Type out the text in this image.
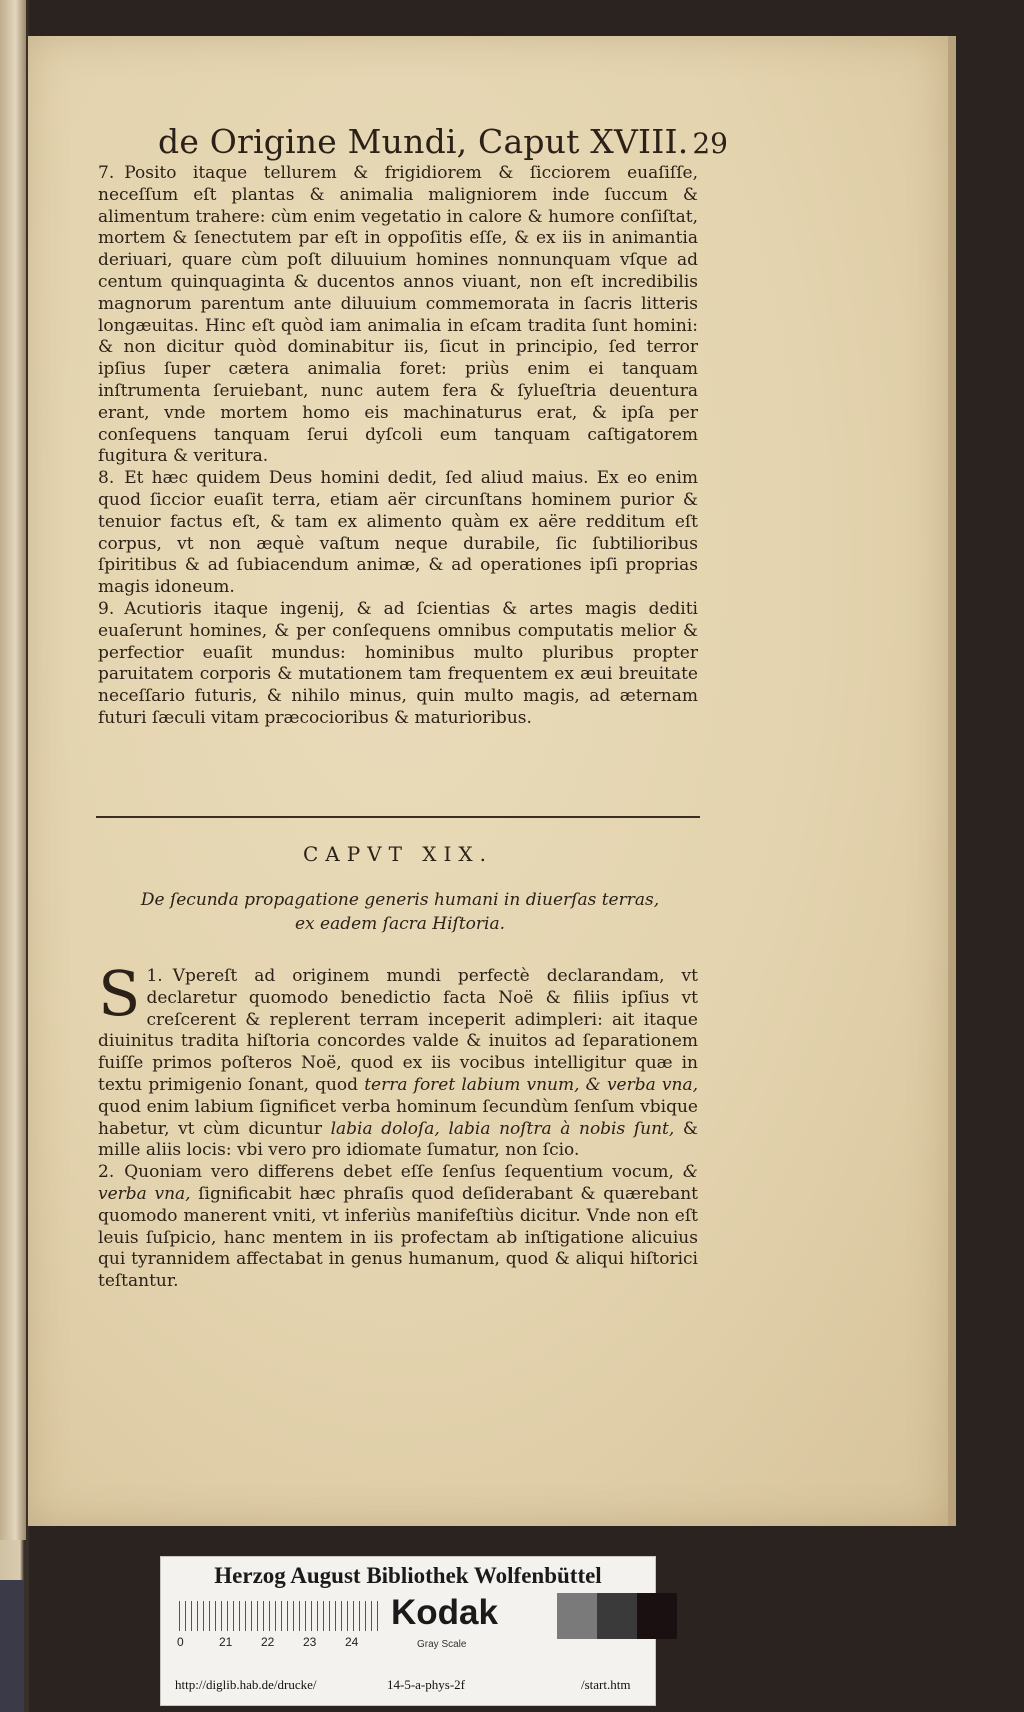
de Origine Mundi, Caput XVIII. 29

7. Posito itaque tellurem & frigidiorem & ſicciorem euaſiſſe, neceſſum eſt plantas & animalia maligniorem inde ſuccum & alimentum trahere: cùm enim vegetatio in calore & humore conſiſtat, mortem & ſenectutem par eſt in oppoſitis eſſe, & ex iis in animantia deriuari, quare cùm poſt diluuium homines nonnunquam vſque ad centum quinquaginta & ducentos annos viuant, non eſt incredibilis magnorum parentum ante diluuium commemorata in ſacris litteris longæuitas. Hinc eſt quòd iam animalia in eſcam tradita ſunt homini: & non dicitur quòd dominabitur iis, ſicut in principio, ſed terror ipſius ſuper cætera animalia foret: priùs enim ei tanquam inſtrumenta ſeruiebant, nunc autem fera & ſylueſtria deuentura erant, vnde mortem homo eis machinaturus erat, & ipſa per conſequens tanquam ſerui dyſcoli eum tanquam caſtigatorem fugitura & veritura.

8. Et hæc quidem Deus homini dedit, ſed aliud maius. Ex eo enim quod ſiccior euaſit terra, etiam aër circunſtans hominem purior & tenuior factus eſt, & tam ex alimento quàm ex aëre redditum eſt corpus, vt non æquè vaſtum neque durabile, ſic ſubtilioribus ſpiritibus & ad ſubiacendum animæ, & ad operationes ipſi proprias magis idoneum.

9. Acutioris itaque ingenij, & ad ſcientias & artes magis dediti euaſerunt homines, & per conſequens omnibus computatis melior & perfectior euaſit mundus: hominibus multo pluribus propter paruitatem corporis & mutationem tam frequentem ex æui breuitate neceſſario futuris, & nihilo minus, quin multo magis, ad æternam futuri ſæculi vitam præcocioribus & maturioribus.

CAPVT XIX.
De ſecunda propagatione generis humani in diuerſas terras, ex eadem ſacra Hiſtoria.

1.
S Vpereſt ad originem mundi perfectè declarandam, vt declaretur quomodo benedictio facta Noë & filiis ipſius vt creſcerent & replerent terram inceperit adimpleri: ait itaque diuinitus tradita hiſtoria concordes valde & inuitos ad ſeparationem fuiſſe primos poſteros Noë, quod ex iis vocibus intelligitur quæ in textu primigenio ſonant, quod terra foret labium vnum, & verba vna, quod enim labium ſignificet verba hominum ſecundùm ſenſum vbique habetur, vt cùm dicuntur labia doloſa, labia noſtra à nobis ſunt, & mille aliis locis: vbi vero pro idiomate ſumatur, non ſcio.

2. Quoniam vero differens debet eſſe ſenſus ſequentium vocum, & verba vna, ſignificabit hæc phraſis quod deſiderabant & quærebant quomodo manerent vniti, vt inferiùs manifeſtiùs dicitur. Vnde non eſt leuis ſuſpicio, hanc mentem in iis profectam ab inſtigatione alicuius qui tyrannidem affectabat in genus humanum, quod & aliqui hiſtorici teſtantur.

Herzog August Bibliothek Wolfenbüttel
0	21	22	23	24
Kodak
Gray Scale
http://diglib.hab.de/drucke/	14-5-a-phys-2f	/start.htm
